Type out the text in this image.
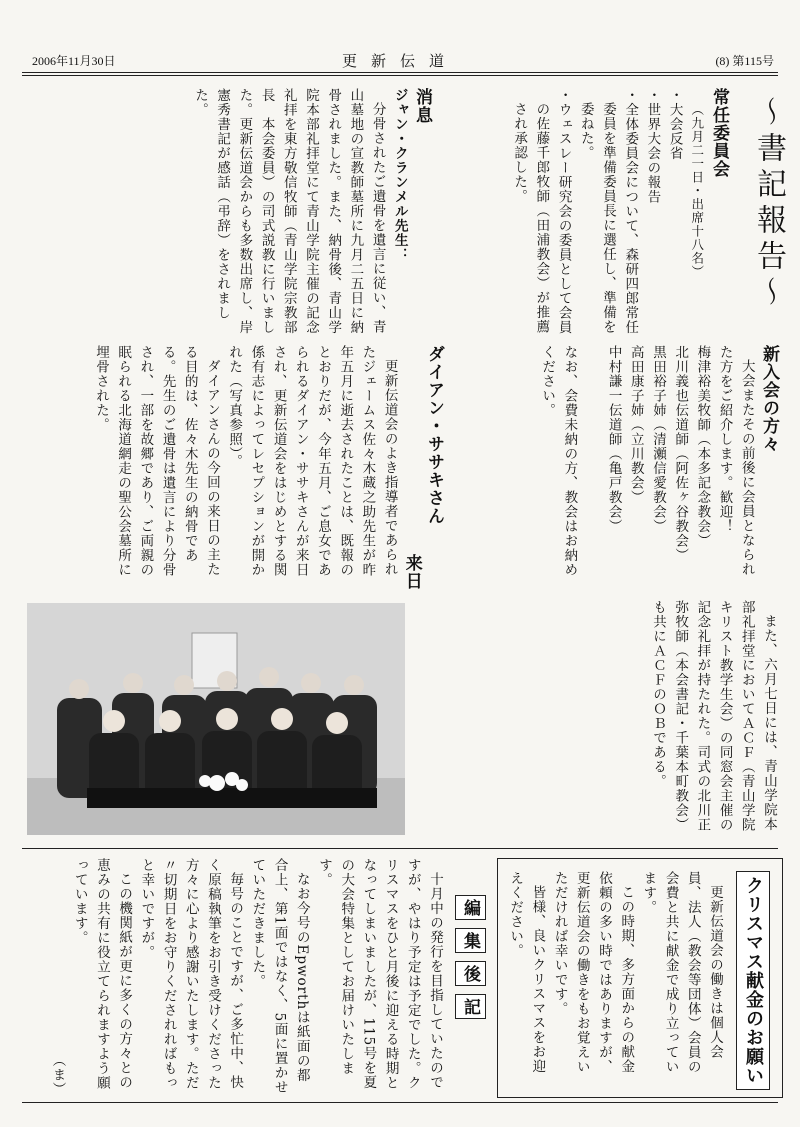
2006年11月30日	更新伝道	(8) 第115号
〜書記報告〜

常任委員会

（九月二一日・出席十八名）

・大会反省

・世界大会の報告

・全体委員会について、森研四郎常任委員を準備委員長に選任し、準備を委ねた。

・ウェスレー研究会の委員として会員の佐藤千郎牧師（田浦教会）が推薦され承認した。

消息

ジャン・クランメル先生：

分骨されたご遺骨を遺言に従い、青山墓地の宣教師墓所に九月二五日に納骨されました。また、納骨後、青山学院本部礼拝堂にて青山学院主催の記念礼拝を東方敬信牧師（青山学院宗教部長　本会委員）の司式説教に行いました。更新伝道会からも多数出席し、岸憲秀書記が感話（弔辞）をされました。

新入会の方々

大会またその前後に会員となられた方をご紹介します。歓迎！

梅津裕美牧師（本多記念教会）

北川義也伝道師（阿佐ヶ谷教会）

黒田裕子姉（清瀬信愛教会）

高田康子姉（立川教会）

中村謙一伝道師（亀戸教会）

なお、会費未納の方、教会はお納めください。

ダイアン・ササキさん

来日

更新伝道会のよき指導者であられたジェームス佐々木蔵之助先生が昨年五月に逝去されたことは、既報のとおりだが、今年五月、ご息女であられるダイアン・ササキさんが来日され、更新伝道会をはじめとする関係有志によってレセプションが開かれた（写真参照）。

ダイアンさんの今回の来日の主たる目的は、佐々木先生の納骨である。先生のご遺骨は遺言により分骨され、一部を故郷であり、ご両親の眠られる北海道網走の聖公会墓所に埋骨された。

また、六月七日には、青山学院本部礼拝堂においてＡＣＦ（青山学院キリスト教学生会）の同窓会主催の記念礼拝が持たれた。司式の北川正弥牧師（本会書記・千葉本町教会）も共にＡＣＦのＯＢである。

クリスマス献金のお願い

更新伝道会の働きは個人会員、法人（教会等団体）会員の会費と共に献金で成り立っています。

この時期、多方面からの献金依頼の多い時ではありますが、更新伝道会の働きをもお覚えいただければ幸いです。

皆様、良いクリスマスをお迎えください。

編
集
後
記

十月中の発行を目指していたのですが、やはり予定は予定でした。クリスマスをひと月後に迎える時期となってしまいましたが、115号を夏の大会特集としてお届けいたします。

なお今号のEpworthは紙面の都合上、第1面ではなく、5面に置かせていただきました。

毎号のことですが、ご多忙中、快く原稿執筆をお引き受けくださった方々に心より感謝いたします。ただ〃切期日をお守りくだされればもっと幸いですが。

この機関紙が更に多くの方々との恵みの共有に役立てられますよう願っています。

（ま）
